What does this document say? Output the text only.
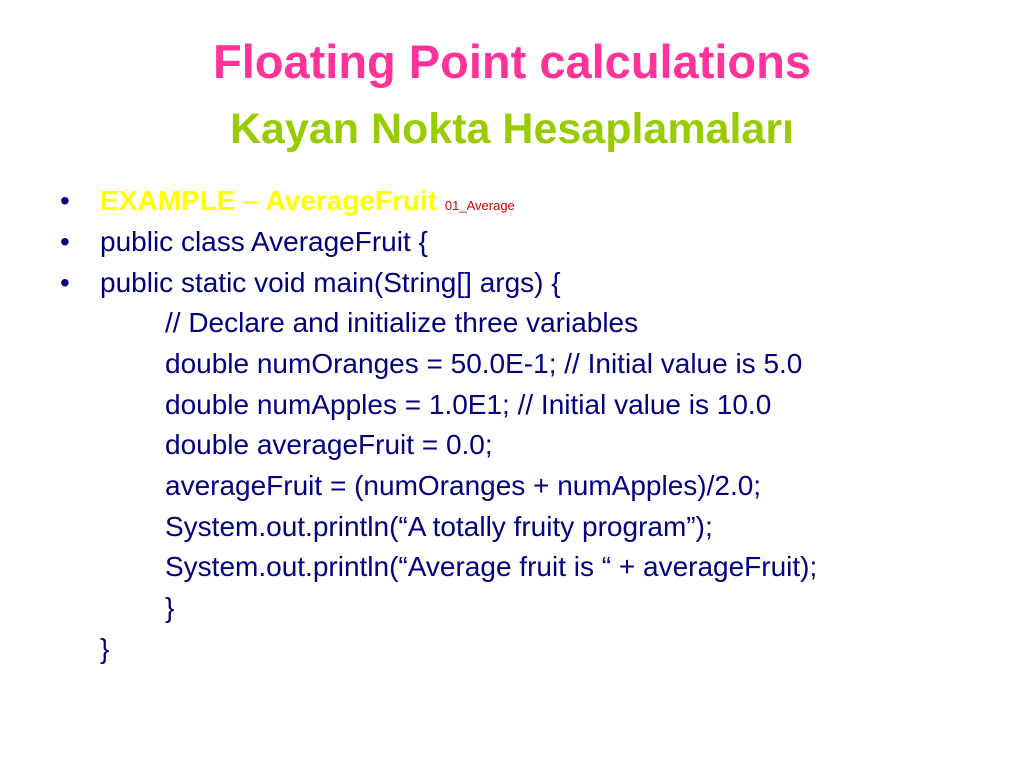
Floating Point calculations
Kayan Nokta Hesaplamaları
• EXAMPLE – AverageFruit 01_Average
• public class AverageFruit {
• public static void main(String[] args) {
// Declare and initialize three variables
double numOranges = 50.0E-1; // Initial value is 5.0
double numApples = 1.0E1; // Initial value is 10.0
double averageFruit = 0.0;
averageFruit = (numOranges + numApples)/2.0;
System.out.println(“A totally fruity program”);
System.out.println(“Average fruit is “ + averageFruit);
}
}
